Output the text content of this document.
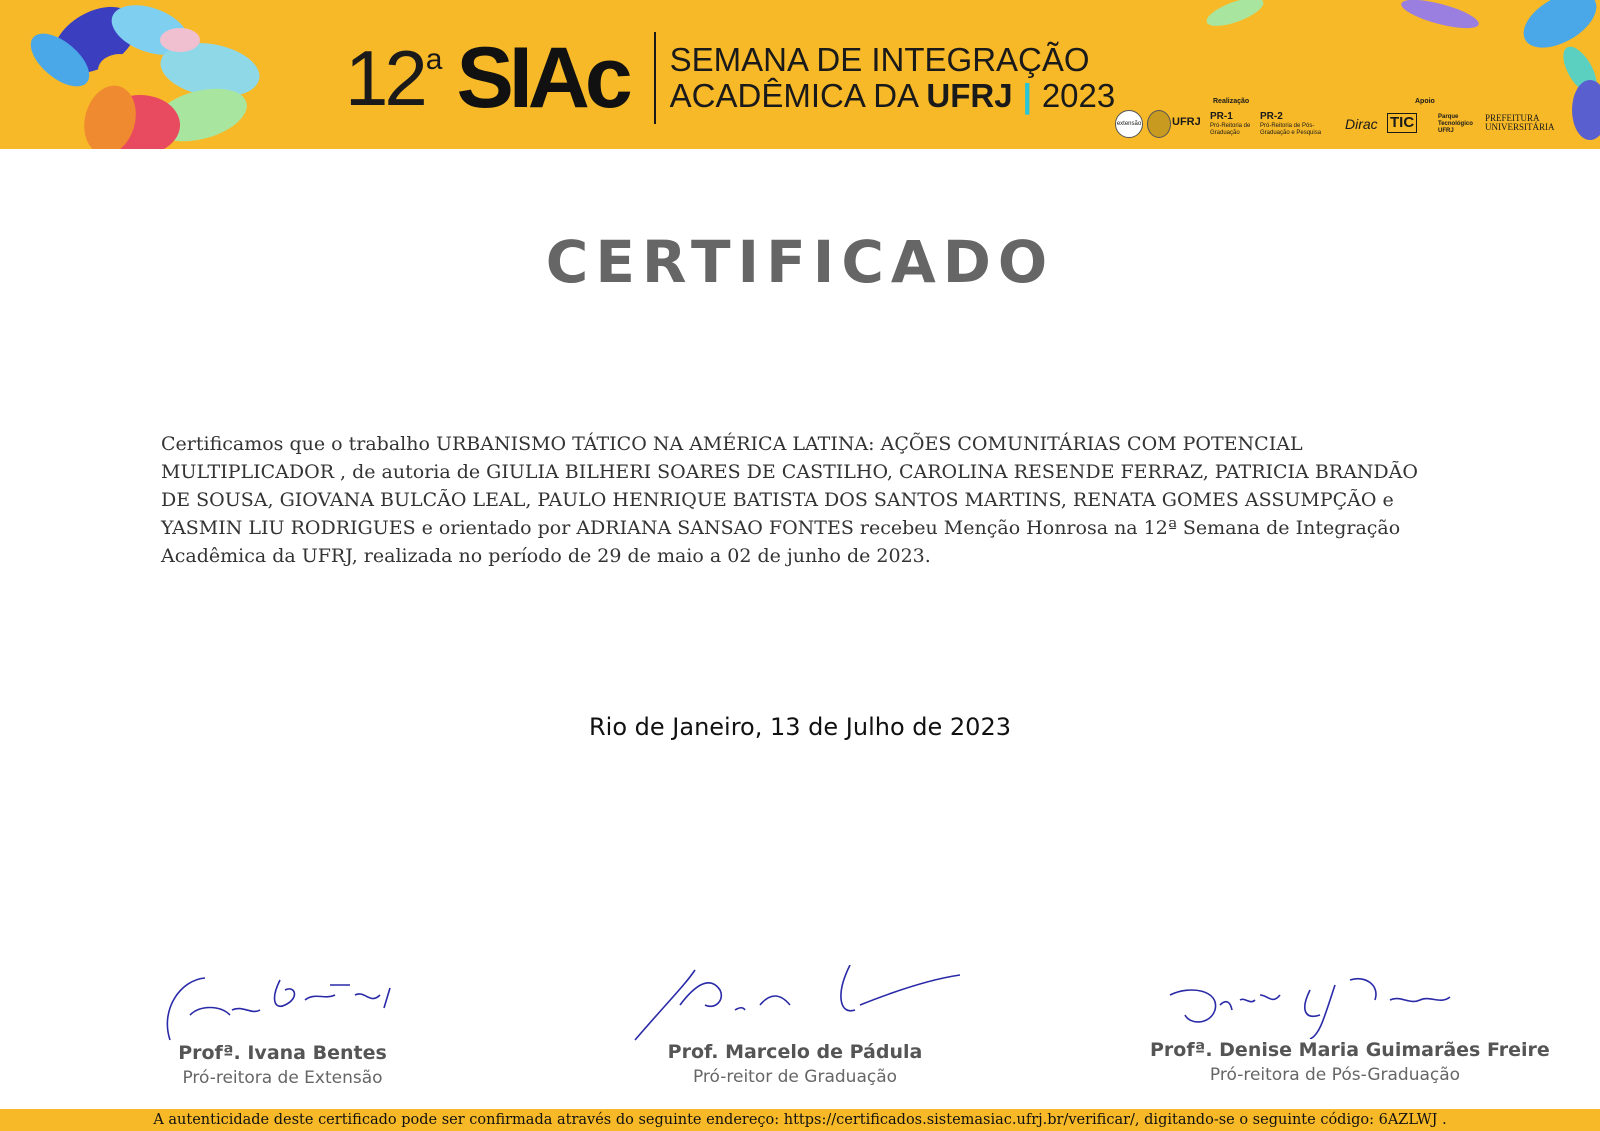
12$^a$ SIAc SEMANA DE INTEGRAÇÃO
ACADÊMICA DA UFRJ | 2023	Realização	Apoio
extensão	UFRJ PR-1
Pró-Reitoria de Graduação
PR-2
Pró-Reitoria de Pós-Graduação e Pesquisa
Dirac TIC	Parque Tecnológico UFRJ
PREFEITURA UNIVERSITÁRIA
CERTIFICADO
Certificamos que o trabalho URBANISMO TÁTICO NA AMÉRICA LATINA: AÇÕES COMUNITÁRIAS COM POTENCIAL MULTIPLICADOR , de autoria de GIULIA BILHERI SOARES DE CASTILHO, CAROLINA RESENDE FERRAZ, PATRICIA BRANDÃO DE SOUSA, GIOVANA BULCÃO LEAL, PAULO HENRIQUE BATISTA DOS SANTOS MARTINS, RENATA GOMES ASSUMPÇÃO e YASMIN LIU RODRIGUES e orientado por ADRIANA SANSAO FONTES recebeu Menção Honrosa na 12ª Semana de Integração Acadêmica da UFRJ, realizada no período de 29 de maio a 02 de junho de 2023.
Rio de Janeiro, 13 de Julho de 2023
Profª. Ivana Bentes
Pró-reitora de Extensão
Prof. Marcelo de Pádula
Pró-reitor de Graduação
Profª. Denise Maria Guimarães Freire
Pró-reitora de Pós-Graduação
A autenticidade deste certificado pode ser confirmada através do seguinte endereço: https://certificados.sistemasiac.ufrj.br/verificar/, digitando-se o seguinte código: 6AZLWJ .
